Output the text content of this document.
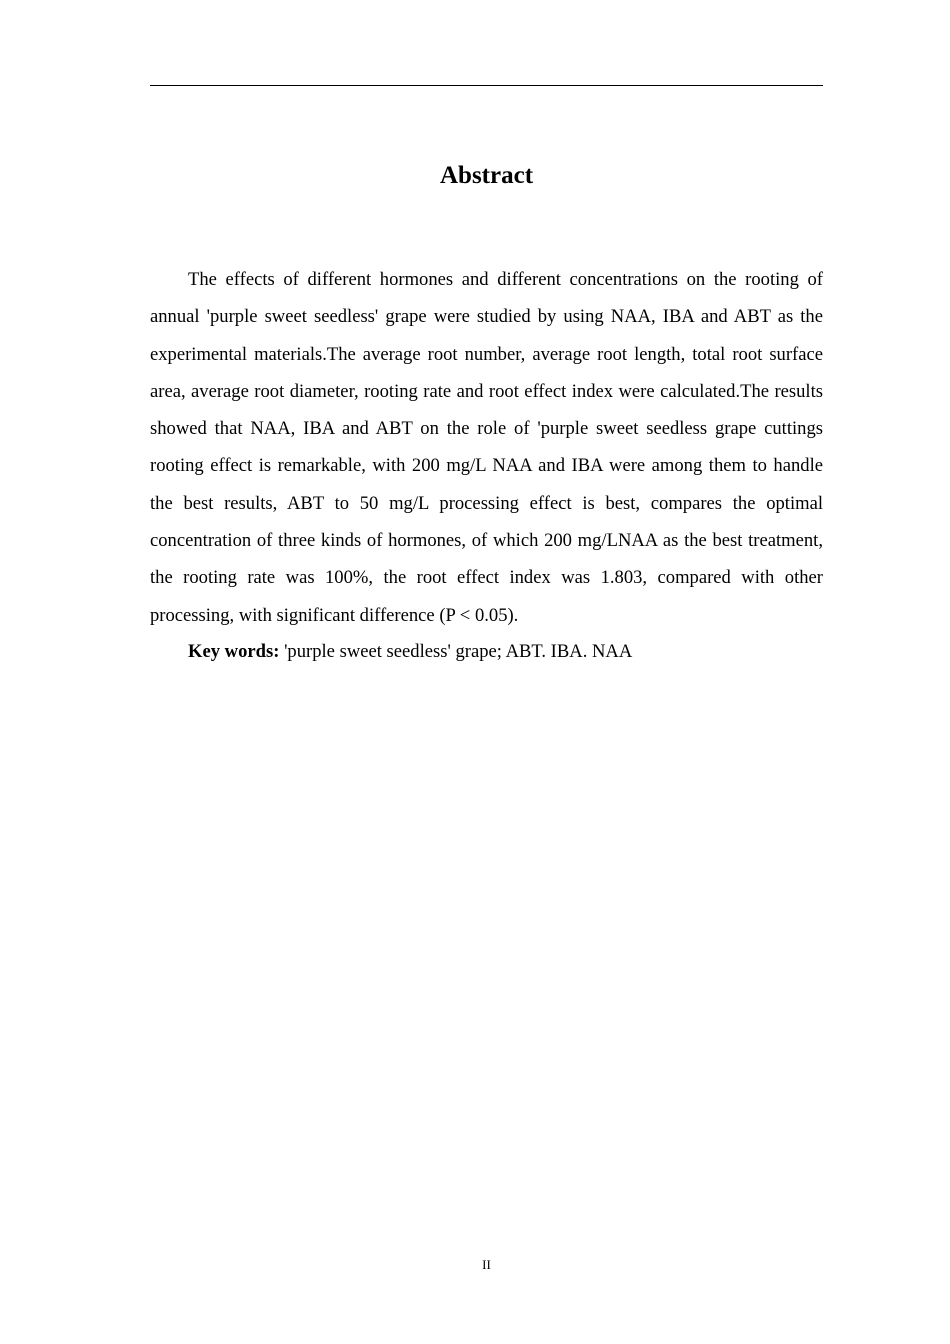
Abstract

The effects of different hormones and different concentrations on the rooting of annual 'purple sweet seedless' grape were studied by using NAA, IBA and ABT as the experimental materials.The average root number, average root length, total root surface area, average root diameter, rooting rate and root effect index were calculated.The results showed that NAA, IBA and ABT on the role of 'purple sweet seedless grape cuttings rooting effect is remarkable, with 200 mg/L NAA and IBA were among them to handle the best results, ABT to 50 mg/L processing effect is best, compares the optimal concentration of three kinds of hormones, of which 200 mg/LNAA as the best treatment, the rooting rate was 100%, the root effect index was 1.803, compared with other processing, with significant difference (P < 0.05).

Key words: 'purple sweet seedless' grape; ABT. IBA. NAA

II
